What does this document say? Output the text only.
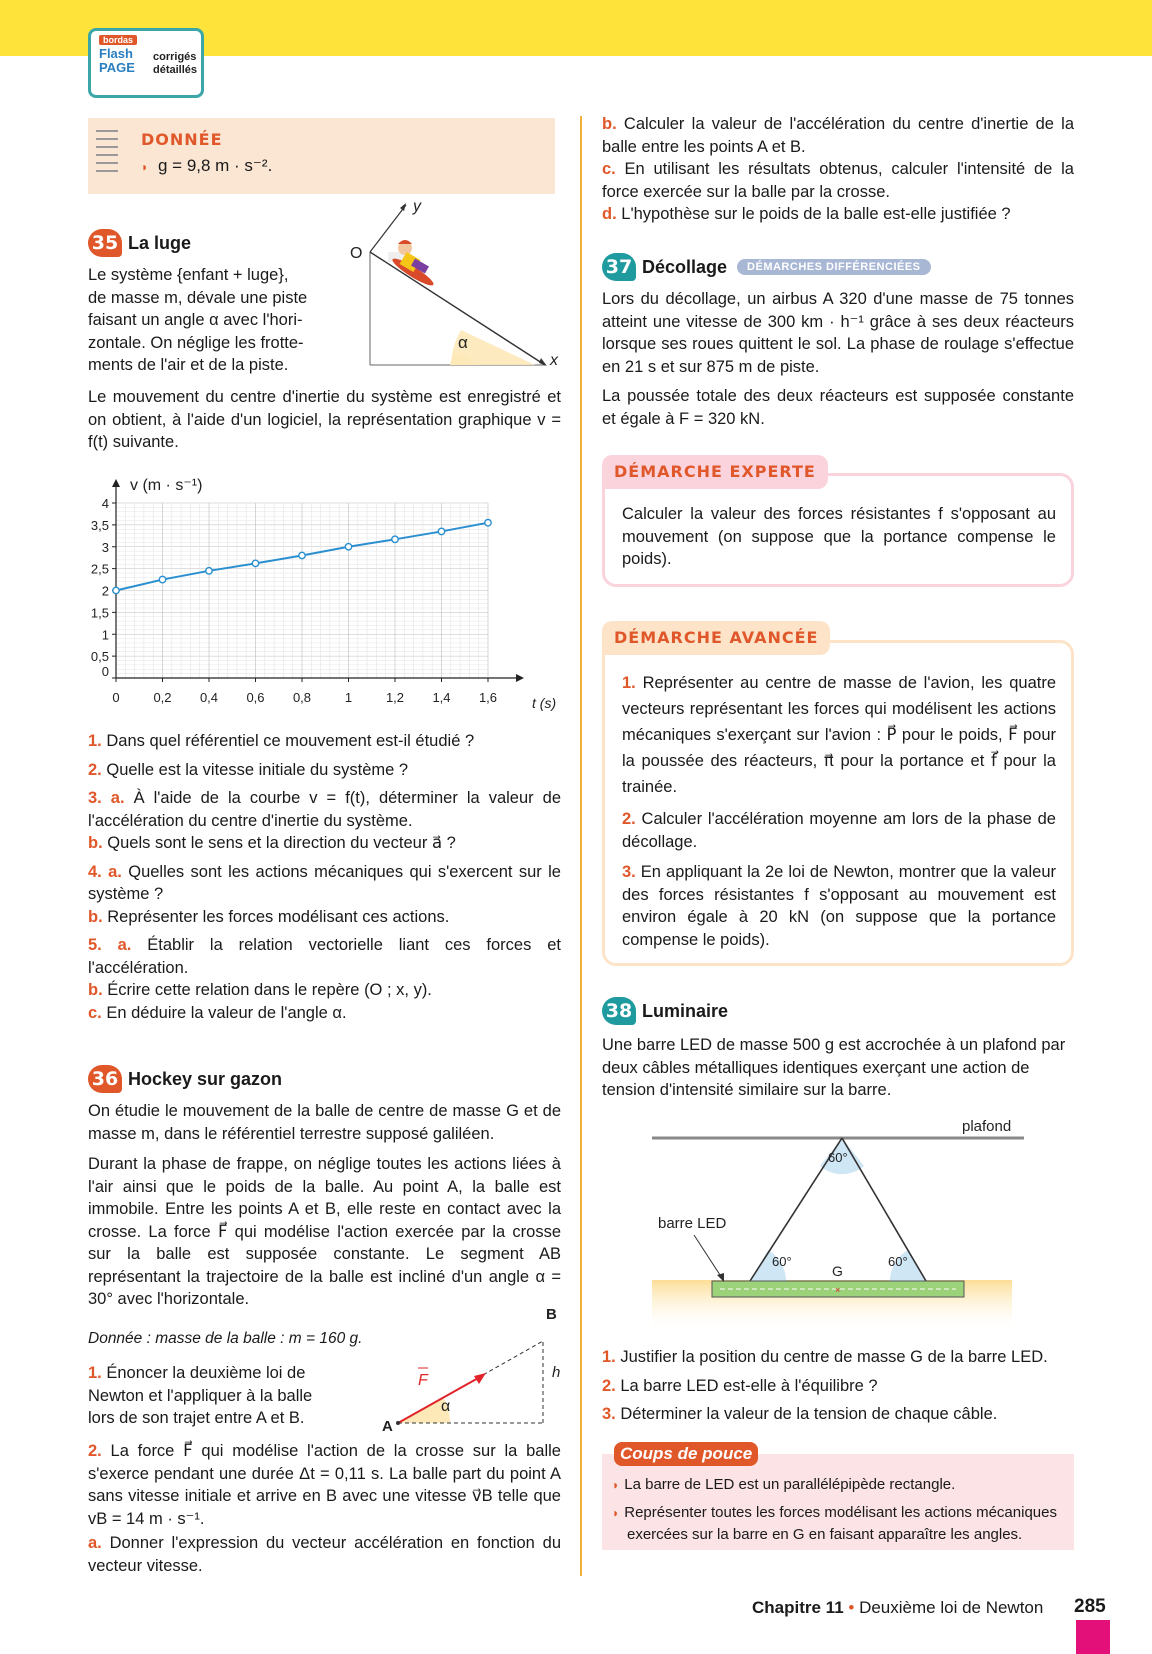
bordas
Flash
PAGE
corrigés
détaillés
DONNÉE
◗ g = 9,8 m · s⁻².
35 La luge

Le système {enfant + luge},

de masse m, dévale une piste

faisant un angle α avec l'hori-

zontale. On néglige les frotte-

ments de l'air et de la piste.

O
y
x
α
Le mouvement du centre d'inertie du système est enregistré et on obtient, à l'aide d'un logiciel, la représentation graphique v = f(t) suivante.
v (m · s⁻¹)
t (s)
0
0,5
1
1,5
2
2,5
3
3,5
4
0	0,2 0,4 0,6 0,8	1	1,2 1,4 1,6

1. Dans quel référentiel ce mouvement est-il étudié ?

2. Quelle est la vitesse initiale du système ?

3. a. À l'aide de la courbe v = f(t), déterminer la valeur de l'accélération du centre d'inertie du système.

b. Quels sont le sens et la direction du vecteur a⃗ ?

4. a. Quelles sont les actions mécaniques qui s'exercent sur le système ?

b. Représenter les forces modélisant ces actions.

5. a. Établir la relation vectorielle liant ces forces et l'accélération.

b. Écrire cette relation dans le repère (O ; x, y).

c. En déduire la valeur de l'angle α.

36 Hockey sur gazon
On étudie le mouvement de la balle de centre de masse G et de masse m, dans le référentiel terrestre supposé galiléen.
Durant la phase de frappe, on néglige toutes les actions liées à l'air ainsi que le poids de la balle. Au point A, la balle est immobile. Entre les points A et B, elle reste en contact avec la crosse. La force F⃗ qui modélise l'action exercée par la crosse sur la balle est supposée constante. Le segment AB représentant la trajectoire de la balle est incliné d'un angle α = 30° avec l'horizontale.
Donnée : masse de la balle : m = 160 g.

1. Énoncer la deuxième loi de

Newton et l'appliquer à la balle

lors de son trajet entre A et B.	A
B
F	h
α
2. La force F⃗ qui modélise l'action de la crosse sur la balle s'exerce pendant une durée Δt = 0,11 s. La balle part du point A sans vitesse initiale et arrive en B avec une vitesse v⃗B telle que vB = 14 m · s⁻¹.
a. Donner l'expression du vecteur accélération en fonction du vecteur vitesse.

b. Calculer la valeur de l'accélération du centre d'inertie de la balle entre les points A et B.

c. En utilisant les résultats obtenus, calculer l'intensité de la force exercée sur la balle par la crosse.

d. L'hypothèse sur le poids de la balle est-elle justifiée ?

37 Décollage	DÉMARCHES DIFFÉRENCIÉES
Lors du décollage, un airbus A 320 d'une masse de 75 tonnes atteint une vitesse de 300 km · h⁻¹ grâce à ses deux réacteurs lorsque ses roues quittent le sol. La phase de roulage s'effectue en 21 s et sur 875 m de piste.
La poussée totale des deux réacteurs est supposée constante et égale à F = 320 kN.
DÉMARCHE EXPERTE
Calculer la valeur des forces résistantes f s'opposant au mouvement (on suppose que la portance compense le poids).
DÉMARCHE AVANCÉE

1. Représenter au centre de masse de l'avion, les quatre vecteurs représentant les forces qui modélisent les actions mécaniques s'exerçant sur l'avion : P⃗ pour le poids, F⃗ pour la poussée des réacteurs, π⃗ pour la portance et f⃗ pour la trainée.

2. Calculer l'accélération moyenne am lors de la phase de décollage.

3. En appliquant la 2e loi de Newton, montrer que la valeur des forces résistantes f s'opposant au mouvement est environ égale à 20 kN (on suppose que la portance compense le poids).

38 Luminaire
Une barre LED de masse 500 g est accrochée à un plafond par deux câbles métalliques identiques exerçant une action de tension d'intensité similaire sur la barre.
plafond
×
60°
60°	60°
G
barre LED

1. Justifier la position du centre de masse G de la barre LED.

2. La barre LED est-elle à l'équilibre ?

3. Déterminer la valeur de la tension de chaque câble.

Coups de pouce
◗ La barre de LED est un parallélépipède rectangle.
◗ Représenter toutes les forces modélisant les actions mécaniques
exercées sur la barre en G en faisant apparaître les angles.
Chapitre 11 • Deuxième loi de Newton 285
